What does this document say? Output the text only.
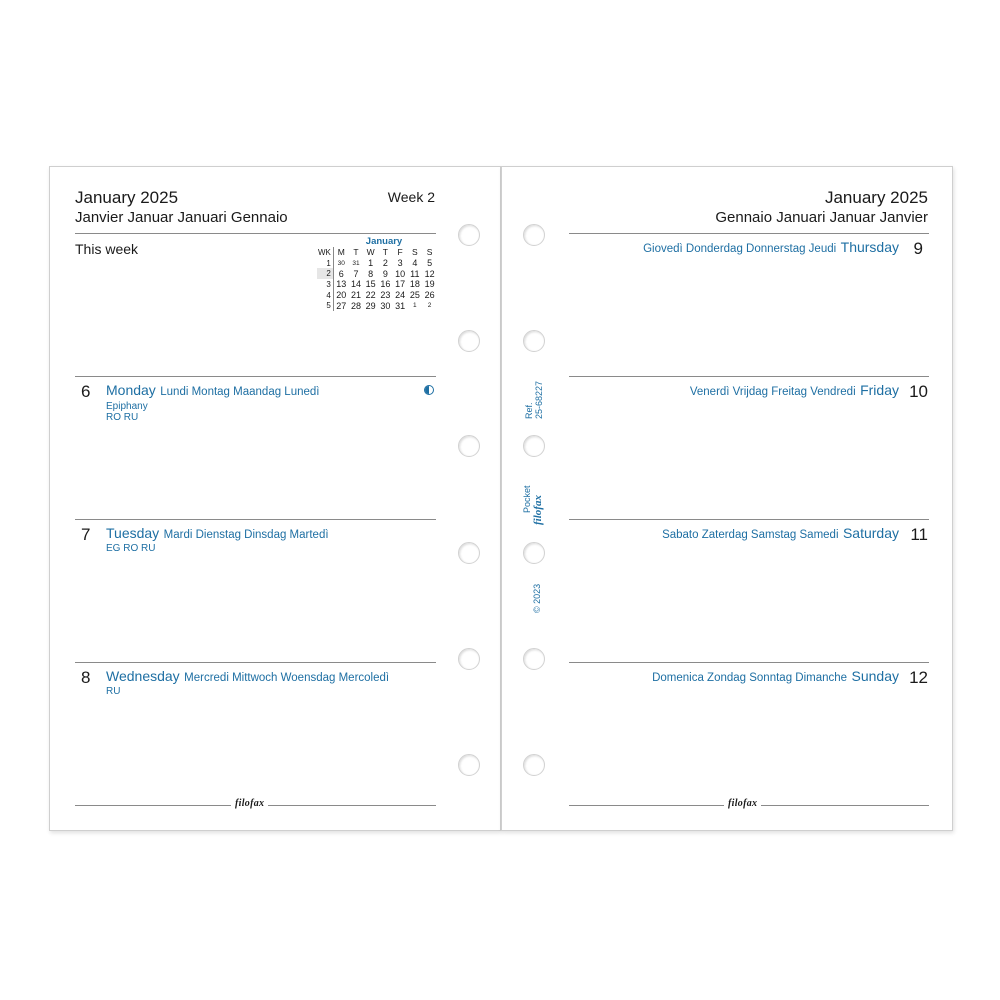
January 2025
Janvier Januar Januari Gennaio
Week 2
This week	January
WK	M	T	W	T	F	S	S
1	30	31	1	2	3	4	5
2	6	7	8	9	10	11	12
3	13	14	15	16	17	18	19
4	20	21	22	23	24	25	26
5	27	28	29	30	31	1	2
6 Monday Lundi Montag Maandag Lunedì
Epiphany
RO RU
7 Tuesday Mardi Dienstag Dinsdag Martedì
EG RO RU
8 Wednesday Mercredi Mittwoch Woensdag Mercoledì
RU
filofax
January 2025
Gennaio Januari Januar Janvier
9
Giovedì Donderdag Donnerstag Jeudi Thursday
10
Venerdì Vrijdag Freitag Vendredi Friday
11
Sabato Zaterdag Samstag Samedi Saturday
12
Domenica Zondag Sonntag Dimanche Sunday
filofax
Ref. 25-68227
Pocket filofax
© 2023
